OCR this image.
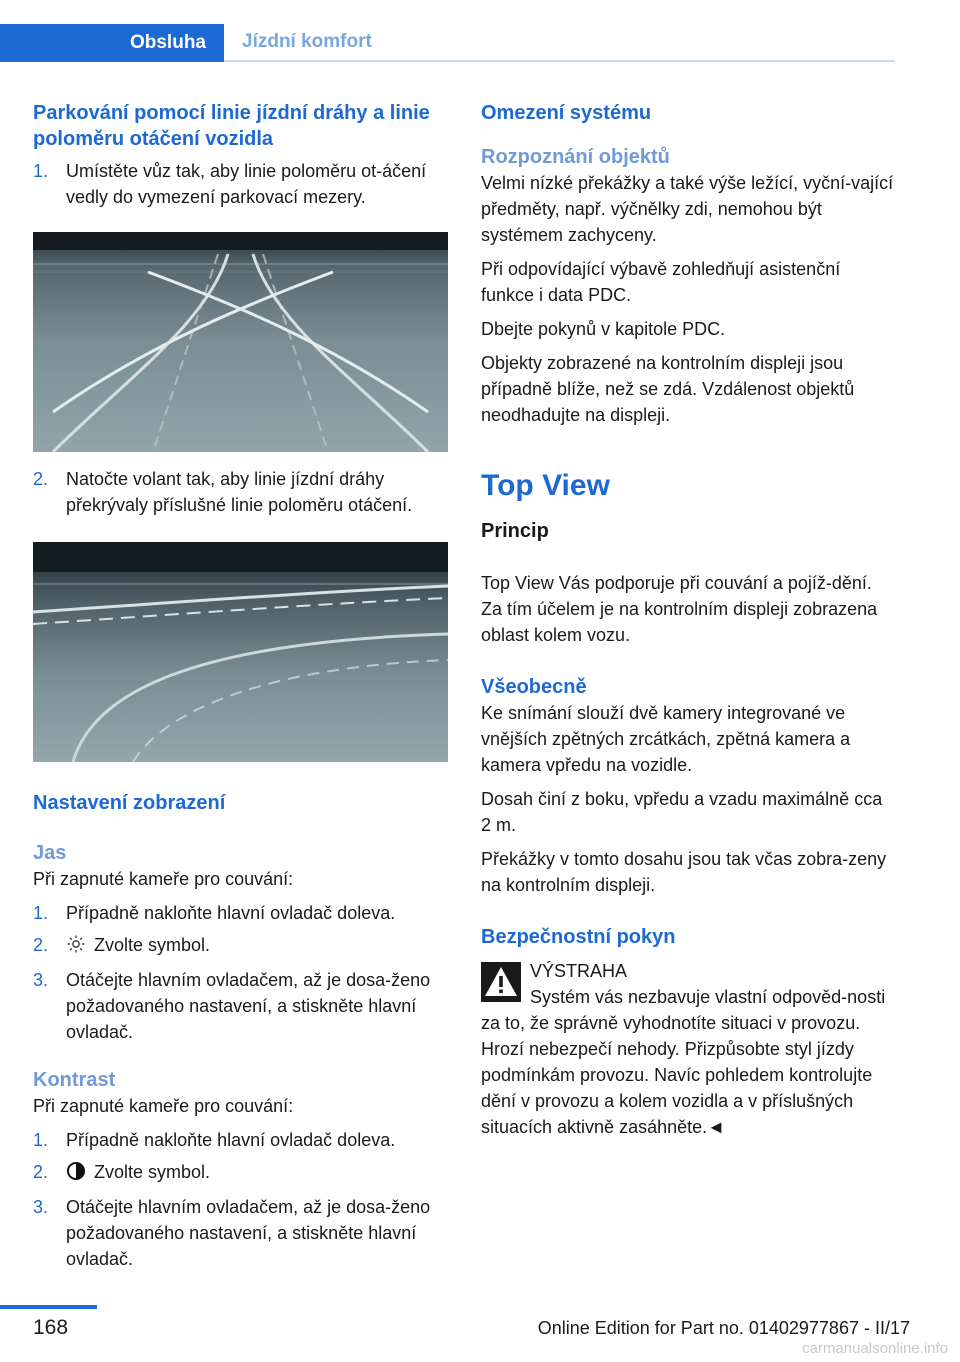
Obsluha	Jízdní komfort
Parkování pomocí linie jízdní dráhy a linie poloměru otáčení vozidla
1. Umístěte vůz tak, aby linie poloměru ot‐áčení vedly do vymezení parkovací mezery.
2. Natočte volant tak, aby linie jízdní dráhy překrývaly příslušné linie poloměru otáčení.
Nastavení zobrazení
Jas

Při zapnuté kameře pro couvání:

1. Případně nakloňte hlavní ovladač doleva.
2.	Zvolte symbol.
3. Otáčejte hlavním ovladačem, až je dosa‐ženo požadovaného nastavení, a stiskněte hlavní ovladač.
Kontrast

Při zapnuté kameře pro couvání:

1. Případně nakloňte hlavní ovladač doleva.
2.	Zvolte symbol.
3. Otáčejte hlavním ovladačem, až je dosa‐ženo požadovaného nastavení, a stiskněte hlavní ovladač.
Omezení systému
Rozpoznání objektů

Velmi nízké překážky a také výše ležící, vyční‐vající předměty, např. výčnělky zdi, nemohou být systémem zachyceny.

Při odpovídající výbavě zohledňují asistenční funkce i data PDC.

Dbejte pokynů v kapitole PDC.

Objekty zobrazené na kontrolním displeji jsou případně blíže, než se zdá. Vzdálenost objektů neodhadujte na displeji.

Top View
Princip

Top View Vás podporuje při couvání a pojíž‐dění. Za tím účelem je na kontrolním displeji zobrazena oblast kolem vozu.

Všeobecně

Ke snímání slouží dvě kamery integrované ve vnějších zpětných zrcátkách, zpětná kamera a kamera vpředu na vozidle.

Dosah činí z boku, vpředu a vzadu maximálně cca 2 m.

Překážky v tomto dosahu jsou tak včas zobra‐zeny na kontrolním displeji.

Bezpečnostní pokyn

VÝSTRAHA

Systém vás nezbavuje vlastní odpověd‐nosti za to, že správně vyhodnotíte situaci v provozu. Hrozí nebezpečí nehody. Přizpůsobte styl jízdy podmínkám provozu. Navíc pohledem kontrolujte dění v provozu a kolem vozidla a v příslušných situacích aktivně zasáhněte.◄

168	Online Edition for Part no. 01402977867 - II/17
carmanualsonline.info
